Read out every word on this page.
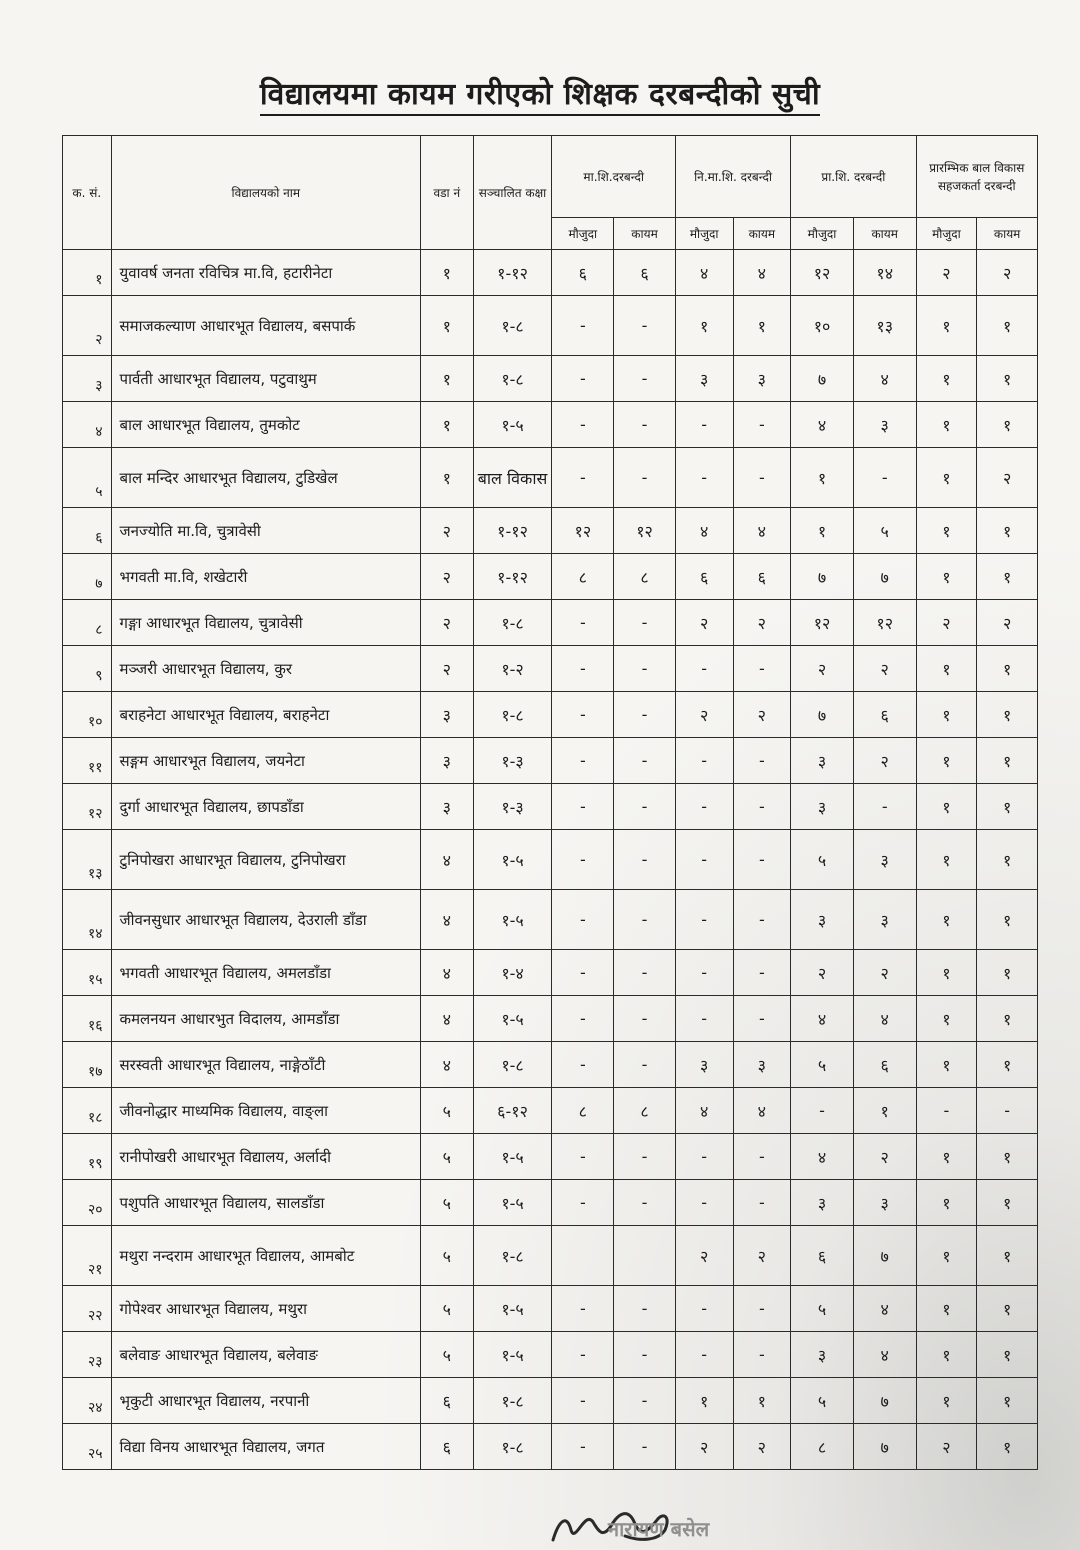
विद्यालयमा कायम गरीएको शिक्षक दरबन्दीको सुची
क. सं.	विद्यालयको नाम	वडा नं	सञ्चालित कक्षा	मा.शि.दरबन्दी		नि.मा.शि. दरबन्दी		प्रा.शि. दरबन्दी		प्रारम्भिक बाल विकास सहजकर्ता दरबन्दी	
				मौजुदा	कायम	मौजुदा	कायम	मौजुदा	कायम	मौजुदा	कायम
१	युवावर्ष जनता रविचित्र मा.वि, हटारीनेटा	१	१-१२	६	६	४	४	१२	१४	२	२
२	समाजकल्याण आधारभूत विद्यालय, बसपार्क	१	१-८	-	-	१	१	१०	१३	१	१
३	पार्वती आधारभूत विद्यालय, पटुवाथुम	१	१-८	-	-	३	३	७	४	१	१
४	बाल आधारभूत विद्यालय, तुमकोट	१	१-५	-	-	-	-	४	३	१	१
५	बाल मन्दिर आधारभूत विद्यालय, टुडिखेल	१	बाल विकास	-	-	-	-	१	-	१	२
६	जनज्योति मा.वि, चुत्रावेसी	२	१-१२	१२	१२	४	४	१	५	१	१
७	भगवती मा.वि, शखेटारी	२	१-१२	८	८	६	६	७	७	१	१
८	गङ्गा आधारभूत विद्यालय, चुत्रावेसी	२	१-८	-	-	२	२	१२	१२	२	२
९	मञ्जरी आधारभूत विद्यालय, कुर	२	१-२	-	-	-	-	२	२	१	१
१०	बराहनेटा आधारभूत विद्यालय, बराहनेटा	३	१-८	-	-	२	२	७	६	१	१
११	सङ्गम आधारभूत विद्यालय, जयनेटा	३	१-३	-	-	-	-	३	२	१	१
१२	दुर्गा आधारभूत विद्यालय, छापडाँडा	३	१-३	-	-	-	-	३	-	१	१
१३	टुनिपोखरा आधारभूत विद्यालय, टुनिपोखरा	४	१-५	-	-	-	-	५	३	१	१
१४	जीवनसुधार आधारभूत विद्यालय, देउराली डाँडा	४	१-५	-	-	-	-	३	३	१	१
१५	भगवती आधारभूत विद्यालय, अमलडाँडा	४	१-४	-	-	-	-	२	२	१	१
१६	कमलनयन आधारभुत विदालय, आमडाँडा	४	१-५	-	-	-	-	४	४	१	१
१७	सरस्वती आधारभूत विद्यालय, नाङ्गेठाँटी	४	१-८	-	-	३	३	५	६	१	१
१८	जीवनोद्धार माध्यमिक विद्यालय, वाङ्ला	५	६-१२	८	८	४	४	-	१	-	-
१९	रानीपोखरी आधारभूत विद्यालय, अर्लादी	५	१-५	-	-	-	-	४	२	१	१
२०	पशुपति आधारभूत विद्यालय, सालडाँडा	५	१-५	-	-	-	-	३	३	१	१
२१	मथुरा नन्दराम आधारभूत विद्यालय, आमबोट	५	१-८			२	२	६	७	१	१
२२	गोपेश्वर आधारभूत विद्यालय, मथुरा	५	१-५	-	-	-	-	५	४	१	१
२३	बलेवाङ आधारभूत विद्यालय, बलेवाङ	५	१-५	-	-	-	-	३	४	१	१
२४	भृकुटी आधारभूत विद्यालय, नरपानी	६	१-८	-	-	१	१	५	७	१	१
२५	विद्या विनय आधारभूत विद्यालय, जगत	६	१-८	-	-	२	२	८	७	२	१
नारायण बसेल
